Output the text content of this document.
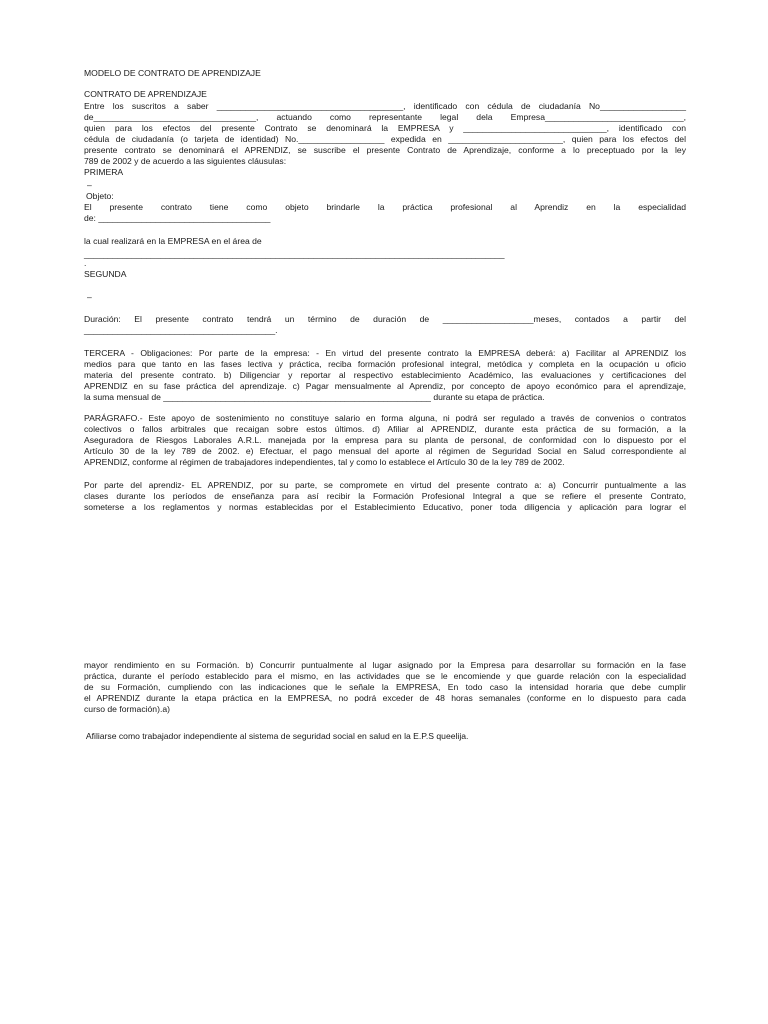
MODELO DE CONTRATO DE APRENDIZAJE

CONTRATO DE APRENDIZAJE

Entre los suscritos a saber _______________________________________, identificado con cédula de ciudadanía No__________________

de__________________________________, actuando como representante legal dela Empresa_____________________________,

quien para los efectos del presente Contrato se denominará la EMPRESA y ______________________________, identificado con

cédula de ciudadanía (o tarjeta de identidad) No.__________________ expedida en ________________________, quien para los efectos del

presente contrato se denominará el APRENDIZ, se suscribe el presente Contrato de Aprendizaje, conforme a lo preceptuado por la ley

789 de 2002 y de acuerdo a las siguientes cláusulas:

PRIMERA

–

Objeto:

El presente contrato tiene como objeto brindarle la práctica profesional al Aprendiz en la especialidad

de: ____________________________________

la cual realizará en la EMPRESA en el área de

________________________________________________________________________________________

.

SEGUNDA

–

Duración: El presente contrato tendrá un término de duración de ___________________meses, contados a partir del

________________________________________.

TERCERA - Obligaciones: Por parte de la empresa: - En virtud del presente contrato la EMPRESA deberá: a) Facilitar al APRENDIZ los

medios para que tanto en las fases lectiva y práctica, reciba formación profesional integral, metódica y completa en la ocupación u oficio

materia del presente contrato. b) Diligenciar y reportar al respectivo establecimiento Académico, las evaluaciones y certificaciones del

APRENDIZ en su fase práctica del aprendizaje. c) Pagar mensualmente al Aprendiz, por concepto de apoyo económico para el aprendizaje,

la suma mensual de ________________________________________________________ durante su etapa de práctica.

PARÁGRAFO.- Este apoyo de sostenimiento no constituye salario en forma alguna, ni podrá ser regulado a través de convenios o contratos

colectivos o fallos arbitrales que recaigan sobre estos últimos. d) Afiliar al APRENDIZ, durante esta práctica de su formación, a la

Aseguradora de Riesgos Laborales A.R.L. manejada por la empresa para su planta de personal, de conformidad con lo dispuesto por el

Artículo 30 de la ley 789 de 2002. e) Efectuar, el pago mensual del aporte al régimen de Seguridad Social en Salud correspondiente al

APRENDIZ, conforme al régimen de trabajadores independientes, tal y como lo establece el Artículo 30 de la ley 789 de 2002.

Por parte del aprendiz- EL APRENDIZ, por su parte, se compromete en virtud del presente contrato a: a) Concurrir puntualmente a las

clases durante los períodos de enseñanza para así recibir la Formación Profesional Integral a que se refiere el presente Contrato,

someterse a los reglamentos y normas establecidas por el Establecimiento Educativo, poner toda diligencia y aplicación para lograr el

mayor rendimiento en su Formación. b) Concurrir puntualmente al lugar asignado por la Empresa para desarrollar su formación en la fase

práctica, durante el período establecido para el mismo, en las actividades que se le encomiende y que guarde relación con la especialidad

de su Formación, cumpliendo con las indicaciones que le señale la EMPRESA, En todo caso la intensidad horaria que debe cumplir

el APRENDIZ durante la etapa práctica en la EMPRESA, no podrá exceder de 48 horas semanales (conforme en lo dispuesto para cada

curso de formación).a)

Afiliarse como trabajador independiente al sistema de seguridad social en salud en la E.P.S queelija.
